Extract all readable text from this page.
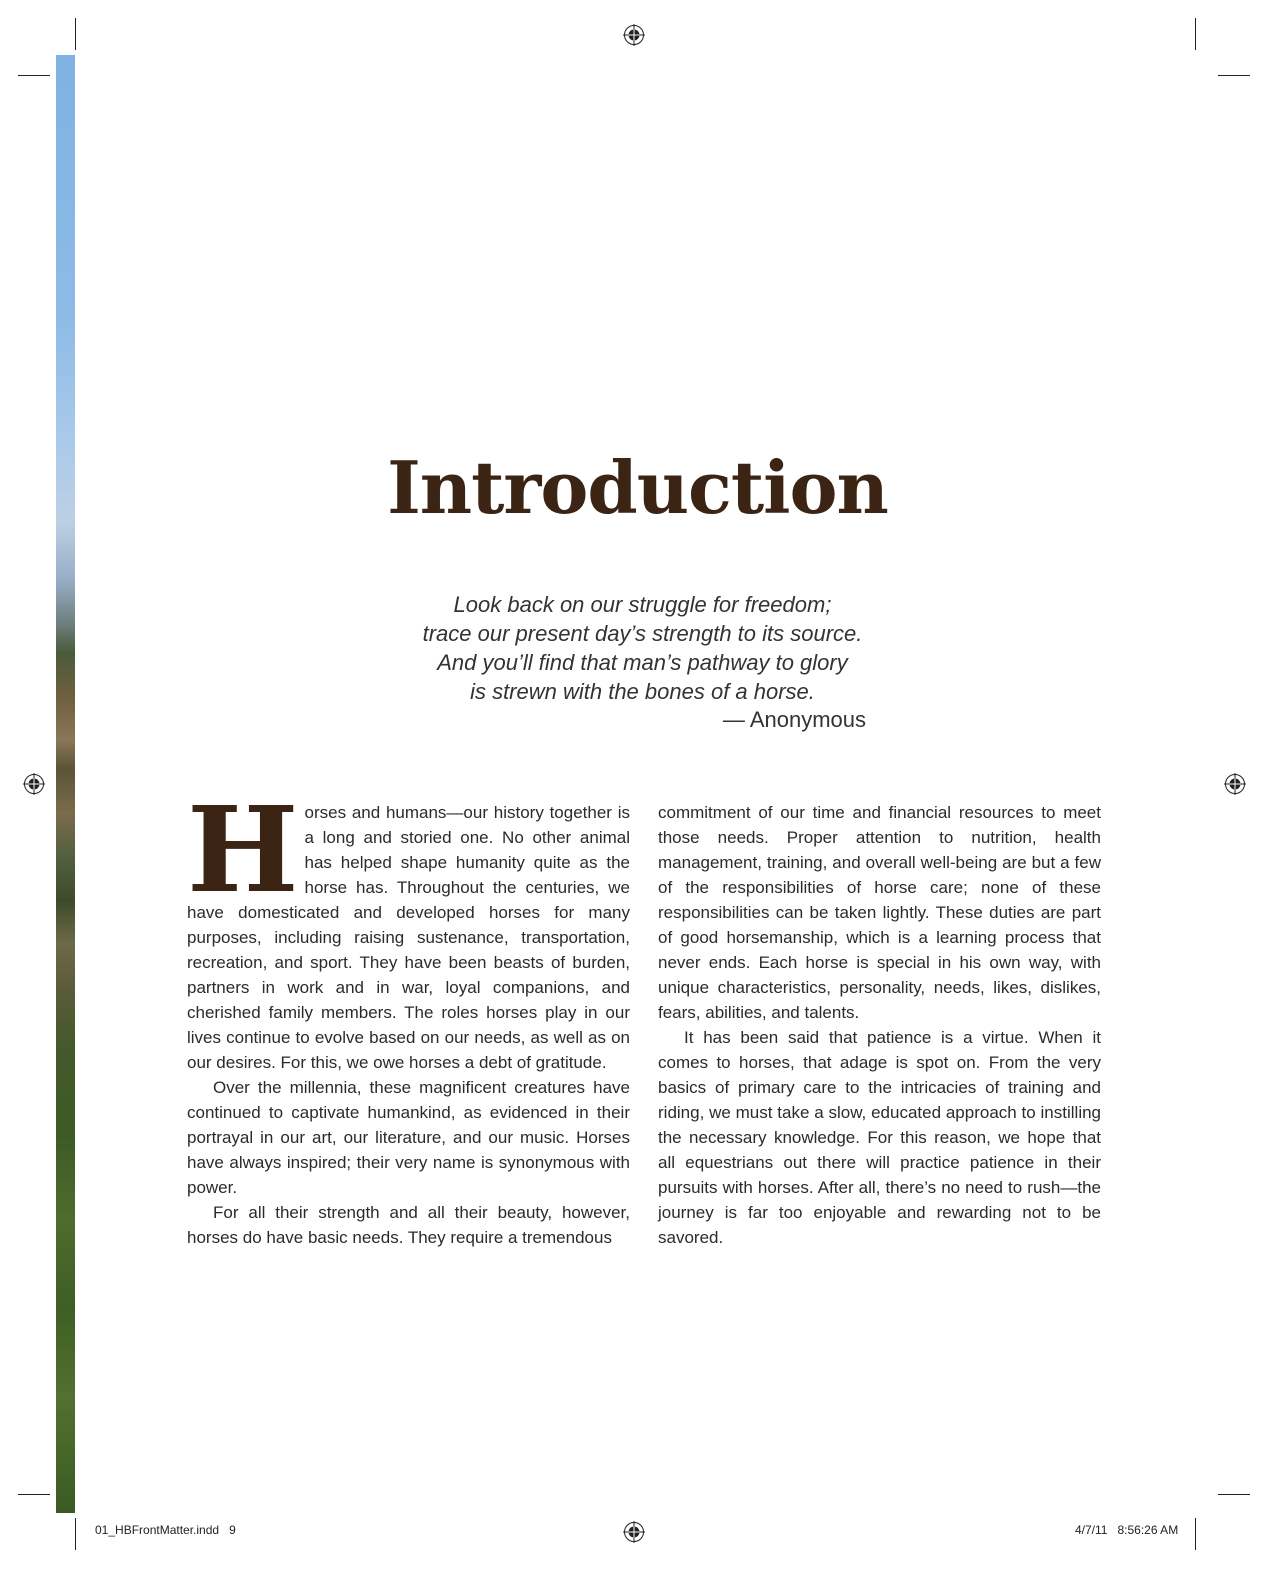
Introduction
Look back on our struggle for freedom;
trace our present day’s strength to its source.
And you’ll find that man’s pathway to glory
is strewn with the bones of a horse.
— Anonymous

Horses and humans—our history together is a long and storied one. No other animal has helped shape humanity quite as the horse has. Throughout the centuries, we have domesticated and developed horses for many purposes, including raising sustenance, transportation, recreation, and sport. They have been beasts of burden, partners in work and in war, loyal companions, and cherished family members. The roles horses play in our lives continue to evolve based on our needs, as well as on our desires. For this, we owe horses a debt of gratitude.

Over the millennia, these magnificent creatures have continued to captivate humankind, as evidenced in their portrayal in our art, our literature, and our music. Horses have always inspired; their very name is synonymous with power.

For all their strength and all their beauty, however, horses do have basic needs. They require a tremendous

commitment of our time and financial resources to meet those needs. Proper attention to nutrition, health management, training, and overall well-being are but a few of the responsibilities of horse care; none of these responsibilities can be taken lightly. These duties are part of good horsemanship, which is a learning process that never ends. Each horse is special in his own way, with unique characteristics, personality, needs, likes, dislikes, fears, abilities, and talents.

It has been said that patience is a virtue. When it comes to horses, that adage is spot on. From the very basics of primary care to the intricacies of training and riding, we must take a slow, educated approach to instilling the necessary knowledge. For this reason, we hope that all equestrians out there will practice patience in their pursuits with horses. After all, there’s no need to rush—the journey is far too enjoyable and rewarding not to be savored.

01_HBFrontMatter.indd   9	4/7/11   8:56:26 AM
